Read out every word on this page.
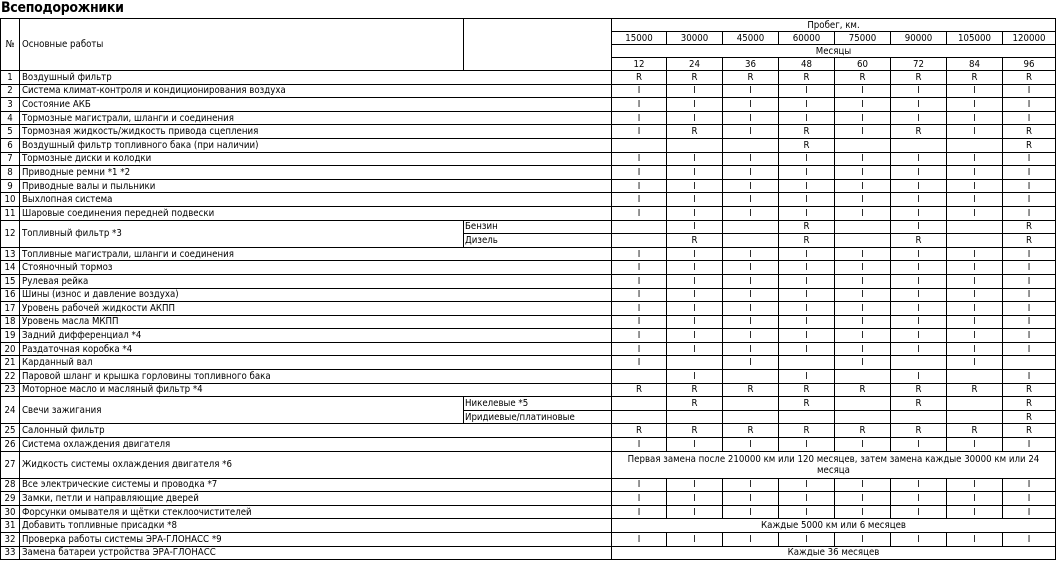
Всеподорожники
№	Основные работы		Пробег, км.							
			15000	30000	45000	60000	75000	90000	105000	120000
			Месяцы							
			12	24	36	48	60	72	84	96
1	Воздушный фильтр		R	R	R	R	R	R	R	R
2	Система климат-контроля и кондиционирования воздуха		I	I	I	I	I	I	I	I
3	Состояние АКБ		I	I	I	I	I	I	I	I
4	Тормозные магистрали, шланги и соединения		I	I	I	I	I	I	I	I
5	Тормозная жидкость/жидкость привода сцепления		I	R	I	R	I	R	I	R
6	Воздушный фильтр топливного бака (при наличии)					R				R
7	Тормозные диски и колодки		I	I	I	I	I	I	I	I
8	Приводные ремни *1 *2		I	I	I	I	I	I	I	I
9	Приводные валы и пыльники		I	I	I	I	I	I	I	I
10	Выхлопная система		I	I	I	I	I	I	I	I
11	Шаровые соединения передней подвески		I	I	I	I	I	I	I	I
12	Топливный фильтр *3	Бензин		I		R		I		R
		Дизель		R		R		R		R
13	Топливные магистрали, шланги и соединения		I	I	I	I	I	I	I	I
14	Стояночный тормоз		I	I	I	I	I	I	I	I
15	Рулевая рейка		I	I	I	I	I	I	I	I
16	Шины (износ и давление воздуха)		I	I	I	I	I	I	I	I
17	Уровень рабочей жидкости АКПП		I	I	I	I	I	I	I	I
18	Уровень масла МКПП		I	I	I	I	I	I	I	I
19	Задний дифференциал *4		I	I	I	I	I	I	I	I
20	Раздаточная коробка *4		I	I	I	I	I	I	I	I
21	Карданный вал		I		I		I		I	
22	Паровой шланг и крышка горловины топливного бака			I		I		I		I
23	Моторное масло и масляный фильтр *4		R	R	R	R	R	R	R	R
24	Свечи зажигания	Никелевые *5		R		R		R		R
		Иридиевые/платиновые								R
25	Салонный фильтр		R	R	R	R	R	R	R	R
26	Система охлаждения двигателя		I	I	I	I	I	I	I	I
27	Жидкость системы охлаждения двигателя *6		Первая замена после 210000 км или 120 месяцев, затем замена каждые 30000 км или 24 месяца							
28	Все электрические системы и проводка *7		I	I	I	I	I	I	I	I
29	Замки, петли и направляющие дверей		I	I	I	I	I	I	I	I
30	Форсунки омывателя и щётки стеклоочистителей		I	I	I	I	I	I	I	I
31	Добавить топливные присадки *8		Каждые 5000 км или 6 месяцев							
32	Проверка работы системы ЭРА-ГЛОНАСС *9		I	I	I	I	I	I	I	I
33	Замена батареи устройства ЭРА-ГЛОНАСС		Каждые 36 месяцев							
